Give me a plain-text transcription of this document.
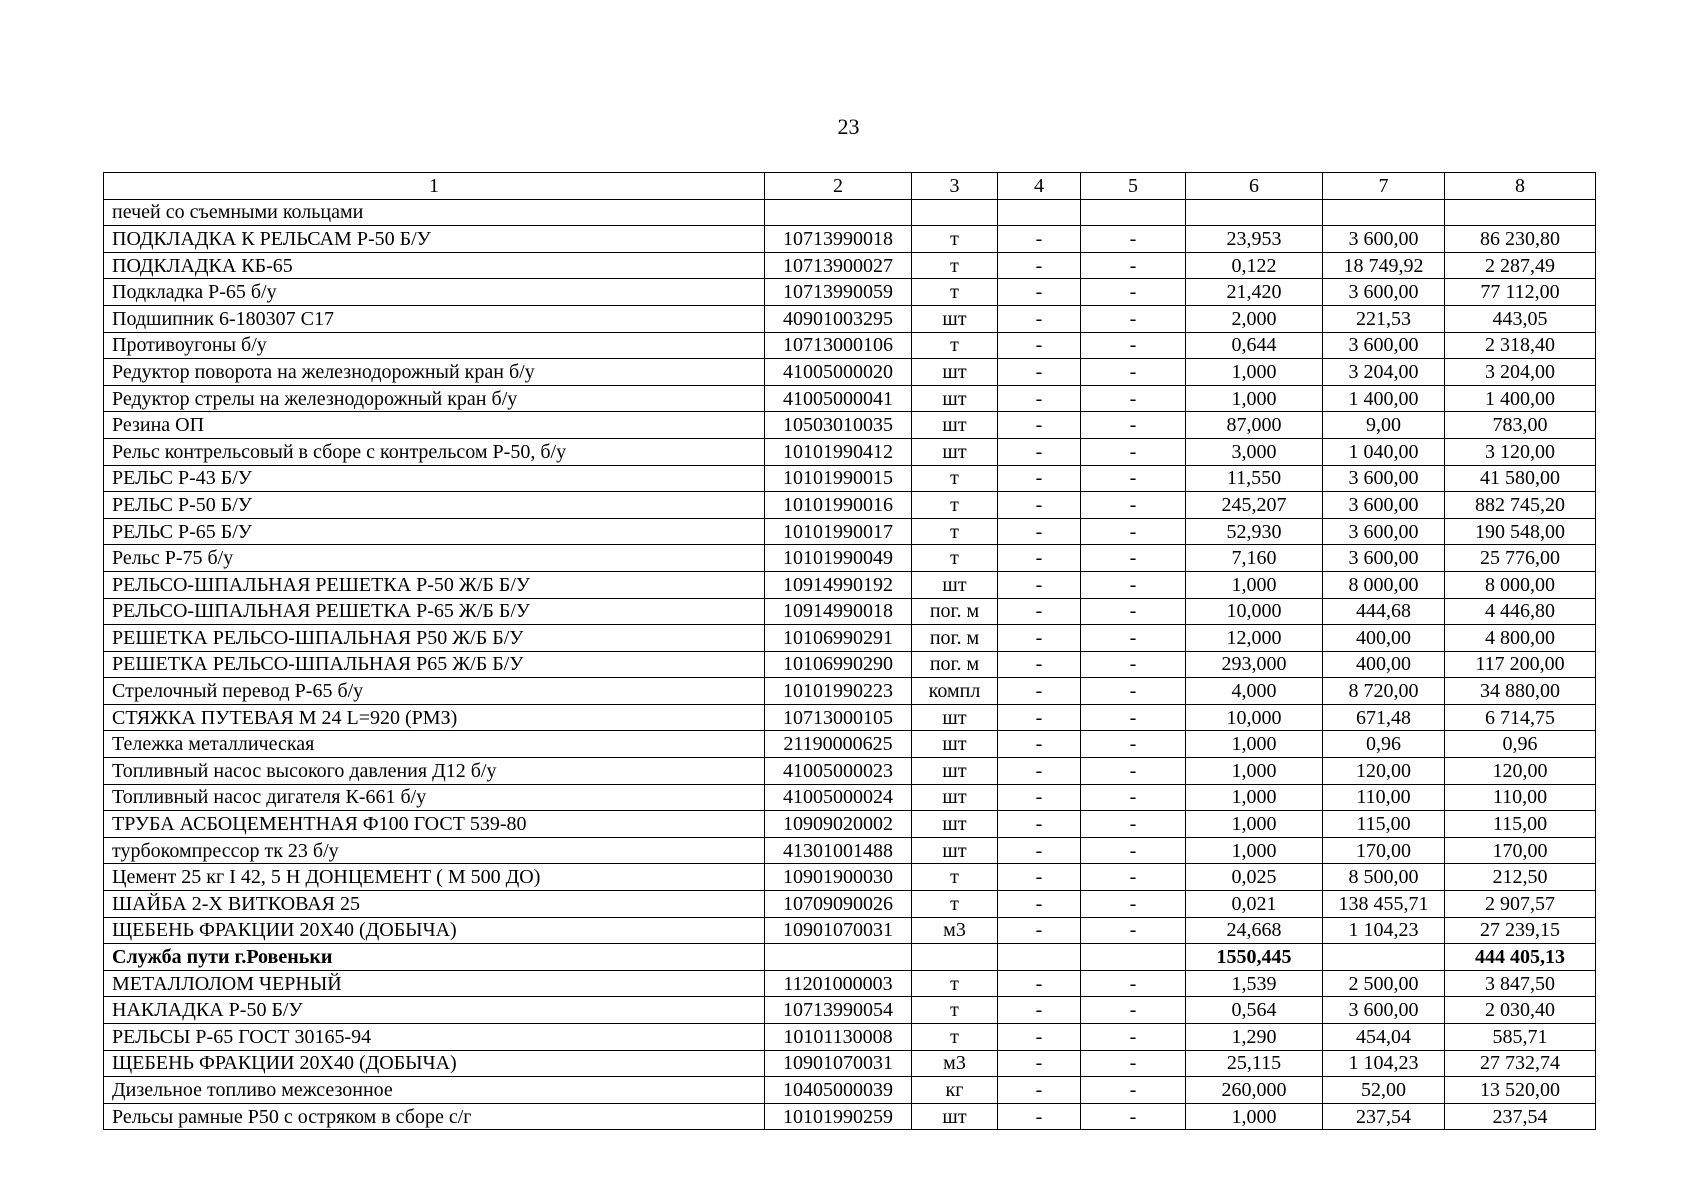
23
1	2	3	4	5	6	7	8
печей со съемными кольцами							
ПОДКЛАДКА К РЕЛЬСАМ Р-50 Б/У	10713990018	т	-	-	23,953	3 600,00	86 230,80
ПОДКЛАДКА КБ-65	10713900027	т	-	-	0,122	18 749,92	2 287,49
Подкладка Р-65 б/у	10713990059	т	-	-	21,420	3 600,00	77 112,00
Подшипник 6-180307 С17	40901003295	шт	-	-	2,000	221,53	443,05
Противоугоны б/у	10713000106	т	-	-	0,644	3 600,00	2 318,40
Редуктор поворота на железнодорожный кран б/у	41005000020	шт	-	-	1,000	3 204,00	3 204,00
Редуктор стрелы на железнодорожный кран б/у	41005000041	шт	-	-	1,000	1 400,00	1 400,00
Резина ОП	10503010035	шт	-	-	87,000	9,00	783,00
Рельс контрельсовый в сборе с контрельсом Р-50, б/у	10101990412	шт	-	-	3,000	1 040,00	3 120,00
РЕЛЬС Р-43 Б/У	10101990015	т	-	-	11,550	3 600,00	41 580,00
РЕЛЬС Р-50 Б/У	10101990016	т	-	-	245,207	3 600,00	882 745,20
РЕЛЬС Р-65 Б/У	10101990017	т	-	-	52,930	3 600,00	190 548,00
Рельс Р-75 б/у	10101990049	т	-	-	7,160	3 600,00	25 776,00
РЕЛЬСО-ШПАЛЬНАЯ РЕШЕТКА Р-50 Ж/Б Б/У	10914990192	шт	-	-	1,000	8 000,00	8 000,00
РЕЛЬСО-ШПАЛЬНАЯ РЕШЕТКА Р-65 Ж/Б Б/У	10914990018	пог. м	-	-	10,000	444,68	4 446,80
РЕШЕТКА РЕЛЬСО-ШПАЛЬНАЯ Р50 Ж/Б Б/У	10106990291	пог. м	-	-	12,000	400,00	4 800,00
РЕШЕТКА РЕЛЬСО-ШПАЛЬНАЯ Р65 Ж/Б Б/У	10106990290	пог. м	-	-	293,000	400,00	117 200,00
Стрелочный перевод Р-65 б/у	10101990223	компл	-	-	4,000	8 720,00	34 880,00
СТЯЖКА ПУТЕВАЯ М 24 L=920 (РМЗ)	10713000105	шт	-	-	10,000	671,48	6 714,75
Тележка металлическая	21190000625	шт	-	-	1,000	0,96	0,96
Топливный насос высокого давления Д12 б/у	41005000023	шт	-	-	1,000	120,00	120,00
Топливный насос дигателя К-661 б/у	41005000024	шт	-	-	1,000	110,00	110,00
ТРУБА АСБОЦЕМЕНТНАЯ Ф100 ГОСТ 539-80	10909020002	шт	-	-	1,000	115,00	115,00
турбокомпрессор тк 23 б/у	41301001488	шт	-	-	1,000	170,00	170,00
Цемент 25 кг I 42, 5 Н ДОНЦЕМЕНТ ( М 500 ДО)	10901900030	т	-	-	0,025	8 500,00	212,50
ШАЙБА 2-Х ВИТКОВАЯ 25	10709090026	т	-	-	0,021	138 455,71	2 907,57
ЩЕБЕНЬ ФРАКЦИИ 20Х40 (ДОБЫЧА)	10901070031	м3	-	-	24,668	1 104,23	27 239,15
Служба пути г.Ровеньки					1550,445		444 405,13
МЕТАЛЛОЛОМ ЧЕРНЫЙ	11201000003	т	-	-	1,539	2 500,00	3 847,50
НАКЛАДКА Р-50 Б/У	10713990054	т	-	-	0,564	3 600,00	2 030,40
РЕЛЬСЫ Р-65 ГОСТ 30165-94	10101130008	т	-	-	1,290	454,04	585,71
ЩЕБЕНЬ ФРАКЦИИ 20Х40 (ДОБЫЧА)	10901070031	м3	-	-	25,115	1 104,23	27 732,74
Дизельное топливо межсезонное	10405000039	кг	-	-	260,000	52,00	13 520,00
Рельсы рамные Р50 с остряком в сборе с/г	10101990259	шт	-	-	1,000	237,54	237,54
